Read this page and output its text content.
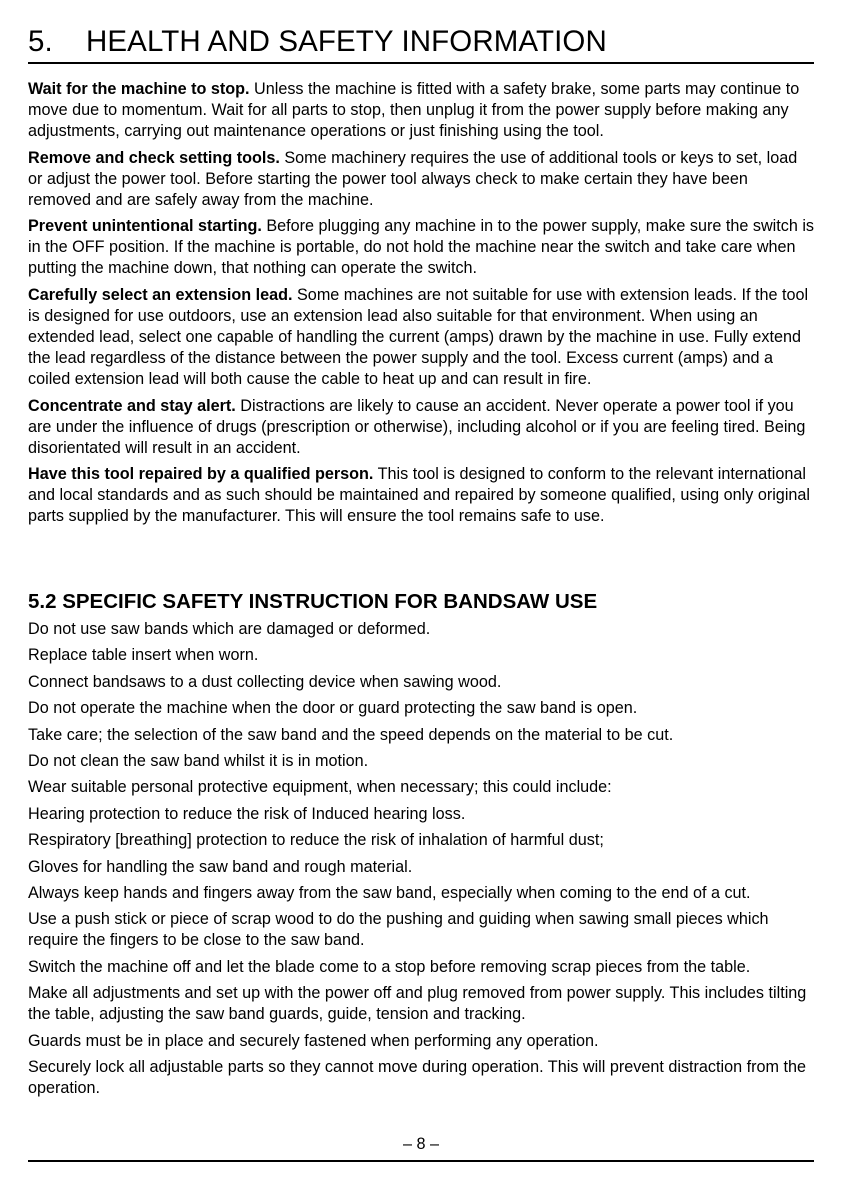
5. HEALTH AND SAFETY INFORMATION

Wait for the machine to stop. Unless the machine is fitted with a safety brake, some parts may continue to move due to momentum. Wait for all parts to stop, then unplug it from the power supply before making any adjustments, carrying out maintenance operations or just finishing using the tool.

Remove and check setting tools. Some machinery requires the use of additional tools or keys to set, load or adjust the power tool. Before starting the power tool always check to make certain they have been removed and are safely away from the machine.

Prevent unintentional starting. Before plugging any machine in to the power supply, make sure the switch is in the OFF position. If the machine is portable, do not hold the machine near the switch and take care when putting the machine down, that nothing can operate the switch.

Carefully select an extension lead. Some machines are not suitable for use with extension leads. If the tool is designed for use outdoors, use an extension lead also suitable for that environment. When using an extended lead, select one capable of handling the current (amps) drawn by the machine in use. Fully extend the lead regardless of the distance between the power supply and the tool. Excess current (amps) and a coiled extension lead will both cause the cable to heat up and can result in fire.

Concentrate and stay alert. Distractions are likely to cause an accident. Never operate a power tool if you are under the influence of drugs (prescription or otherwise), including alcohol or if you are feeling tired. Being disorientated will result in an accident.

Have this tool repaired by a qualified person. This tool is designed to conform to the relevant international and local standards and as such should be maintained and repaired by someone qualified, using only original parts supplied by the manufacturer. This will ensure the tool remains safe to use.

5.2 SPECIFIC SAFETY INSTRUCTION FOR BANDSAW USE

Do not use saw bands which are damaged or deformed.

Replace table insert when worn.

Connect bandsaws to a dust collecting device when sawing wood.

Do not operate the machine when the door or guard protecting the saw band is open.

Take care; the selection of the saw band and the speed depends on the material to be cut.

Do not clean the saw band whilst it is in motion.

Wear suitable personal protective equipment, when necessary; this could include:

Hearing protection to reduce the risk of Induced hearing loss.

Respiratory [breathing] protection to reduce the risk of inhalation of harmful dust;

Gloves for handling the saw band and rough material.

Always keep hands and fingers away from the saw band, especially when coming to the end of a cut.

Use a push stick or piece of scrap wood to do the pushing and guiding when sawing small pieces which require the fingers to be close to the saw band.

Switch the machine off and let the blade come to a stop before removing scrap pieces from the table.

Make all adjustments and set up with the power off and plug removed from power supply. This includes tilting the table, adjusting the saw band guards, guide, tension and tracking.

Guards must be in place and securely fastened when performing any operation.

Securely lock all adjustable parts so they cannot move during operation. This will prevent distraction from the operation.

– 8 –
